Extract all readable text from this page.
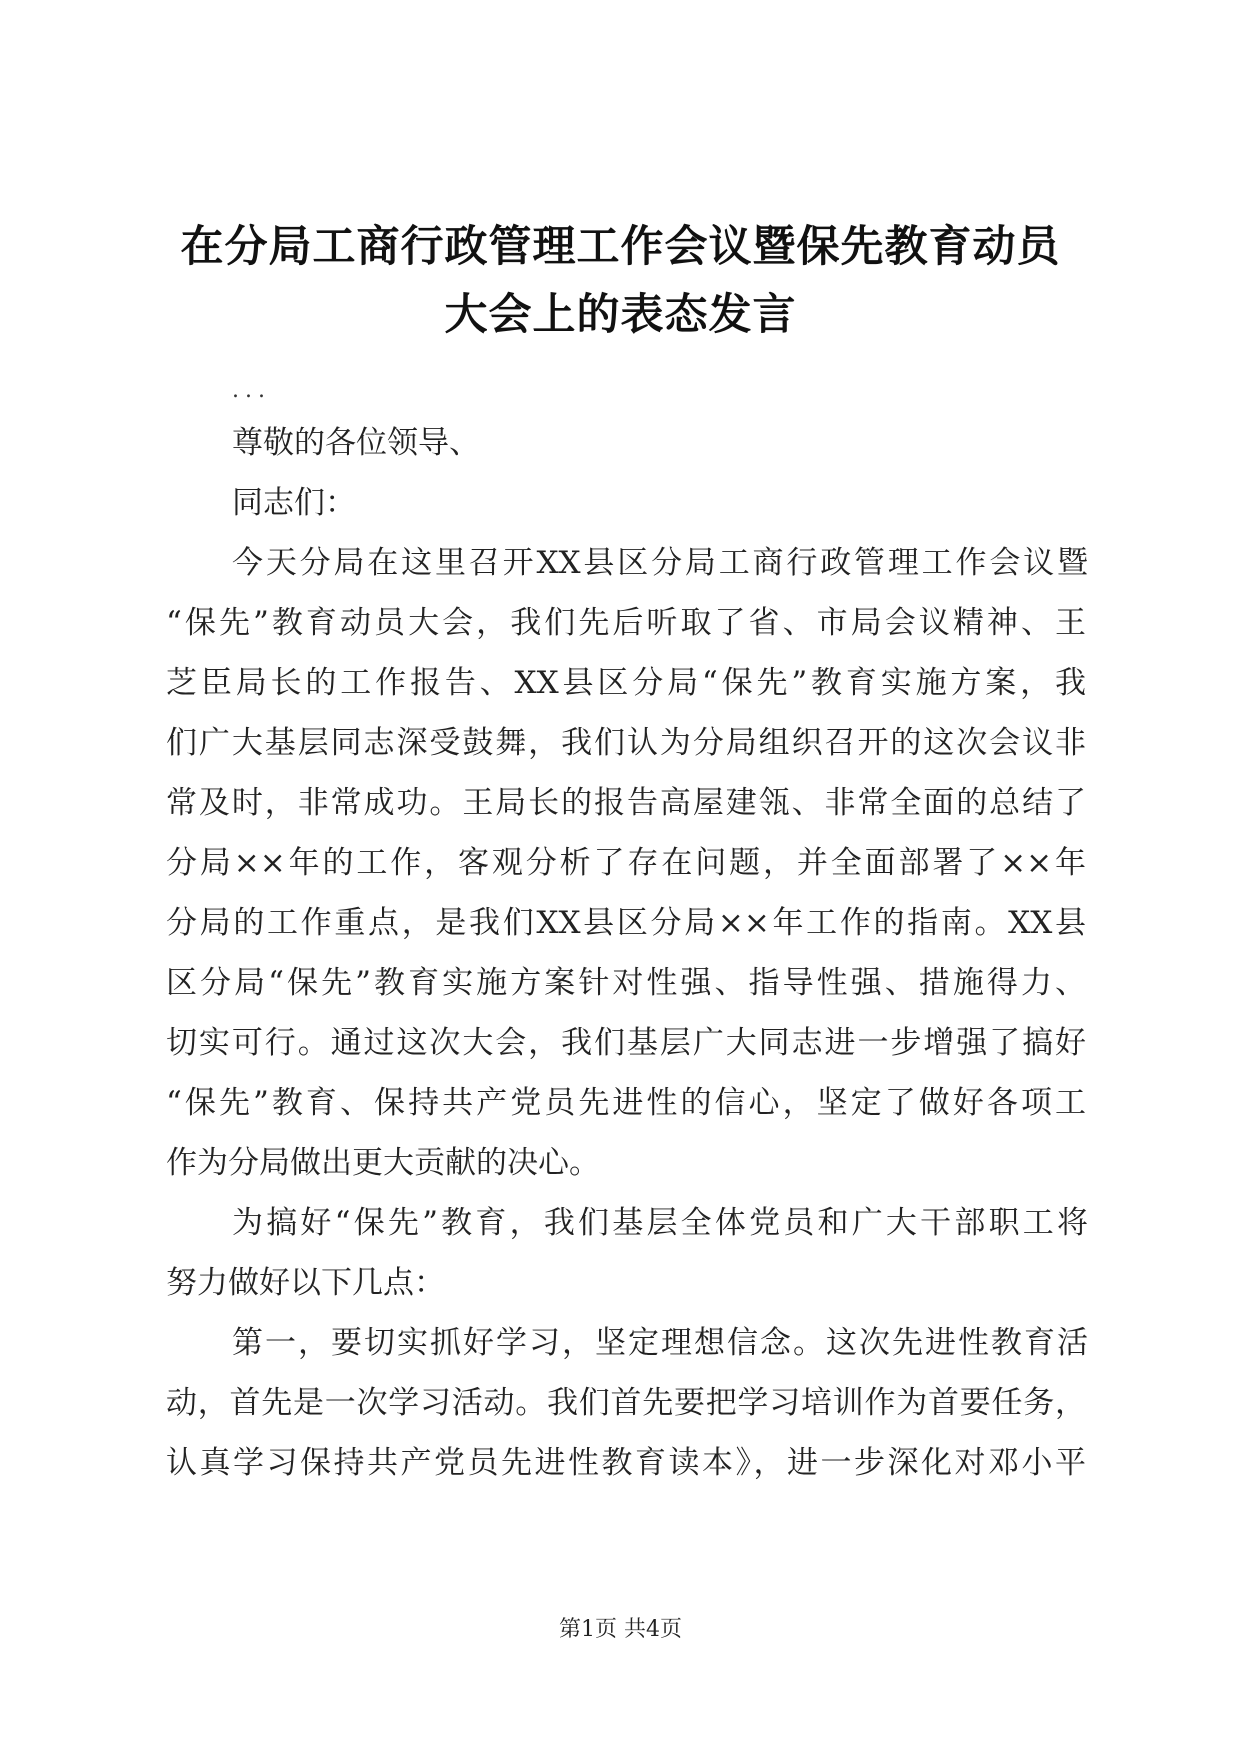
在分局工商行政管理工作会议暨保先教育动员
大会上的表态发言
...
尊敬的各位领导、
同志们：
今天分局在这里召开XX县区分局工商行政管理工作会议暨
“保先”教育动员大会，我们先后听取了省、市局会议精神、王
芝臣局长的工作报告、XX县区分局“保先”教育实施方案，我
们广大基层同志深受鼓舞，我们认为分局组织召开的这次会议非
常及时，非常成功。王局长的报告高屋建瓴、非常全面的总结了
分局××年的工作，客观分析了存在问题，并全面部署了××年
分局的工作重点，是我们XX县区分局××年工作的指南。XX县
区分局“保先”教育实施方案针对性强、指导性强、措施得力、
切实可行。通过这次大会，我们基层广大同志进一步增强了搞好
“保先”教育、保持共产党员先进性的信心，坚定了做好各项工
作为分局做出更大贡献的决心。
为搞好“保先”教育，我们基层全体党员和广大干部职工将
努力做好以下几点：
第一，要切实抓好学习，坚定理想信念。这次先进性教育活
动，首先是一次学习活动。我们首先要把学习培训作为首要任务，
认真学习保持共产党员先进性教育读本》，进一步深化对邓小平
第1页 共4页
